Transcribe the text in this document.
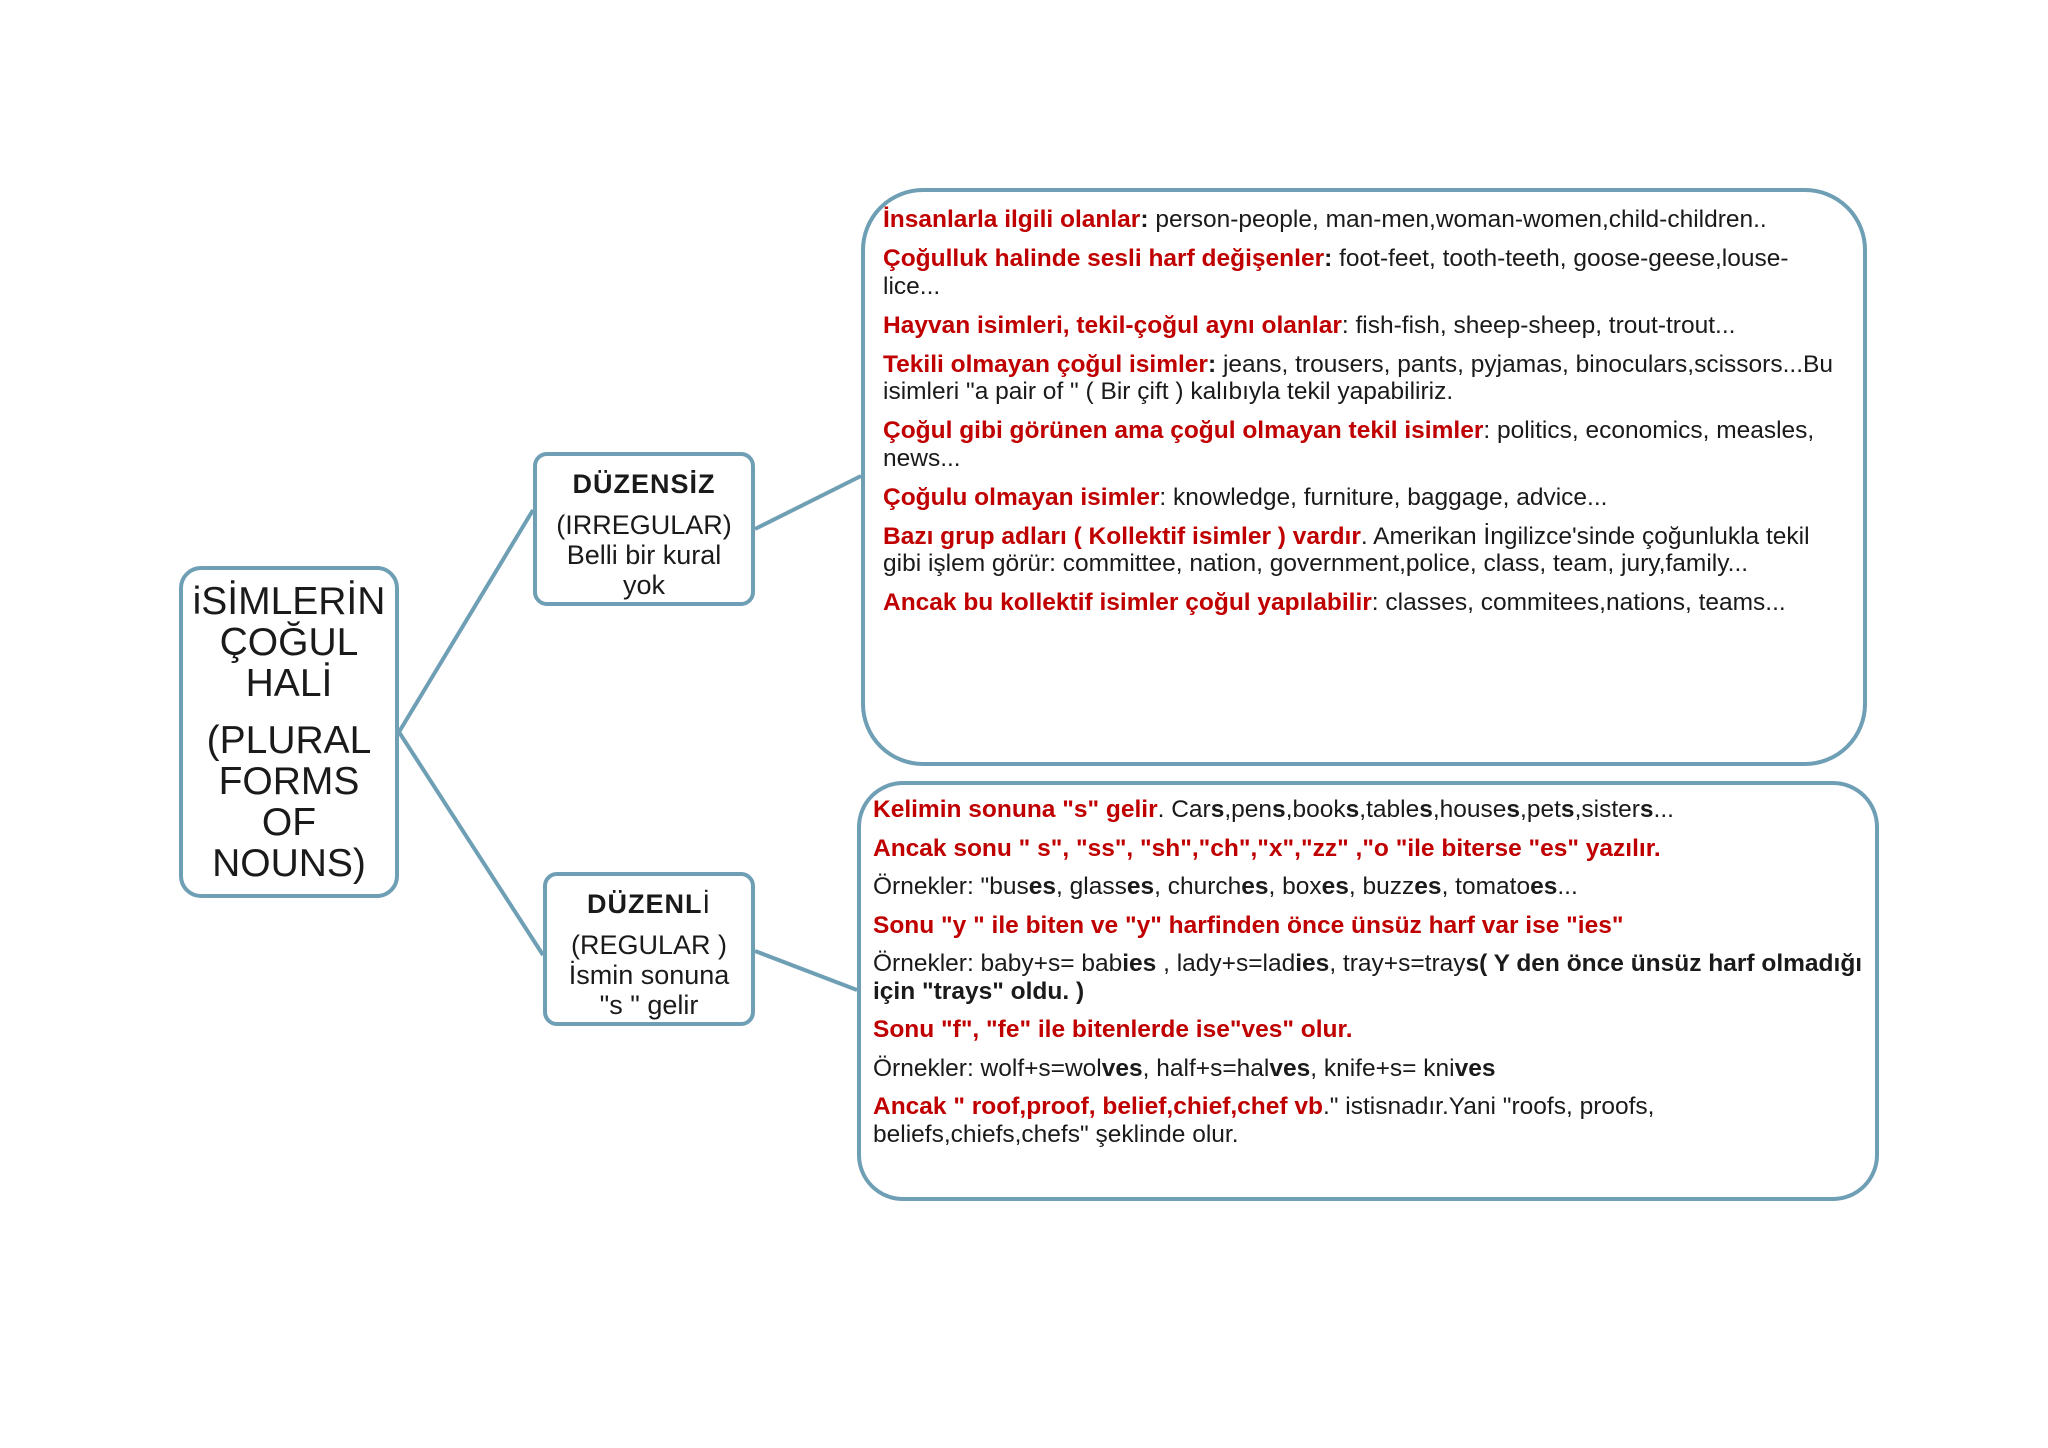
iSİMLERİN
ÇOĞUL
HALİ
(PLURAL
FORMS
OF
NOUNS)
DÜZENSİZ
(IRREGULAR)
Belli bir kural
yok
DÜZENLİ
(REGULAR )
İsmin sonuna
"s " gelir
İnsanlarla ilgili olanlar: person-people, man-men,woman-women,child-children..
Çoğulluk halinde sesli harf değişenler: foot-feet, tooth-teeth, goose-geese,louse-lice...
Hayvan isimleri, tekil-çoğul aynı olanlar: fish-fish, sheep-sheep, trout-trout...
Tekili olmayan çoğul isimler: jeans, trousers, pants, pyjamas, binoculars,scissors...Bu isimleri "a pair of " ( Bir çift ) kalıbıyla tekil yapabiliriz.
Çoğul gibi görünen ama çoğul olmayan tekil isimler: politics, economics, measles, news...
Çoğulu olmayan isimler: knowledge, furniture, baggage, advice...
Bazı grup adları ( Kollektif isimler ) vardır. Amerikan İngilizce'sinde çoğunlukla tekil gibi işlem görür: committee, nation, government,police, class, team, jury,family...
Ancak bu kollektif isimler çoğul yapılabilir: classes, commitees,nations, teams...
Kelimin sonuna "s" gelir. Cars,pens,books,tables,houses,pets,sisters...
Ancak sonu " s", "ss", "sh","ch","x","zz" ,"o "ile biterse "es" yazılır.
Örnekler: "buses, glasses, churches, boxes, buzzes, tomatoes...
Sonu "y " ile biten ve "y" harfinden önce ünsüz harf var ise "ies"
Örnekler: baby+s= babies , lady+s=ladies, tray+s=trays( Y den önce ünsüz harf olmadığı için "trays" oldu. )
Sonu "f", "fe" ile bitenlerde ise"ves" olur.
Örnekler: wolf+s=wolves, half+s=halves, knife+s= knives
Ancak " roof,proof, belief,chief,chef vb." istisnadır.Yani "roofs, proofs, beliefs,chiefs,chefs" şeklinde olur.
